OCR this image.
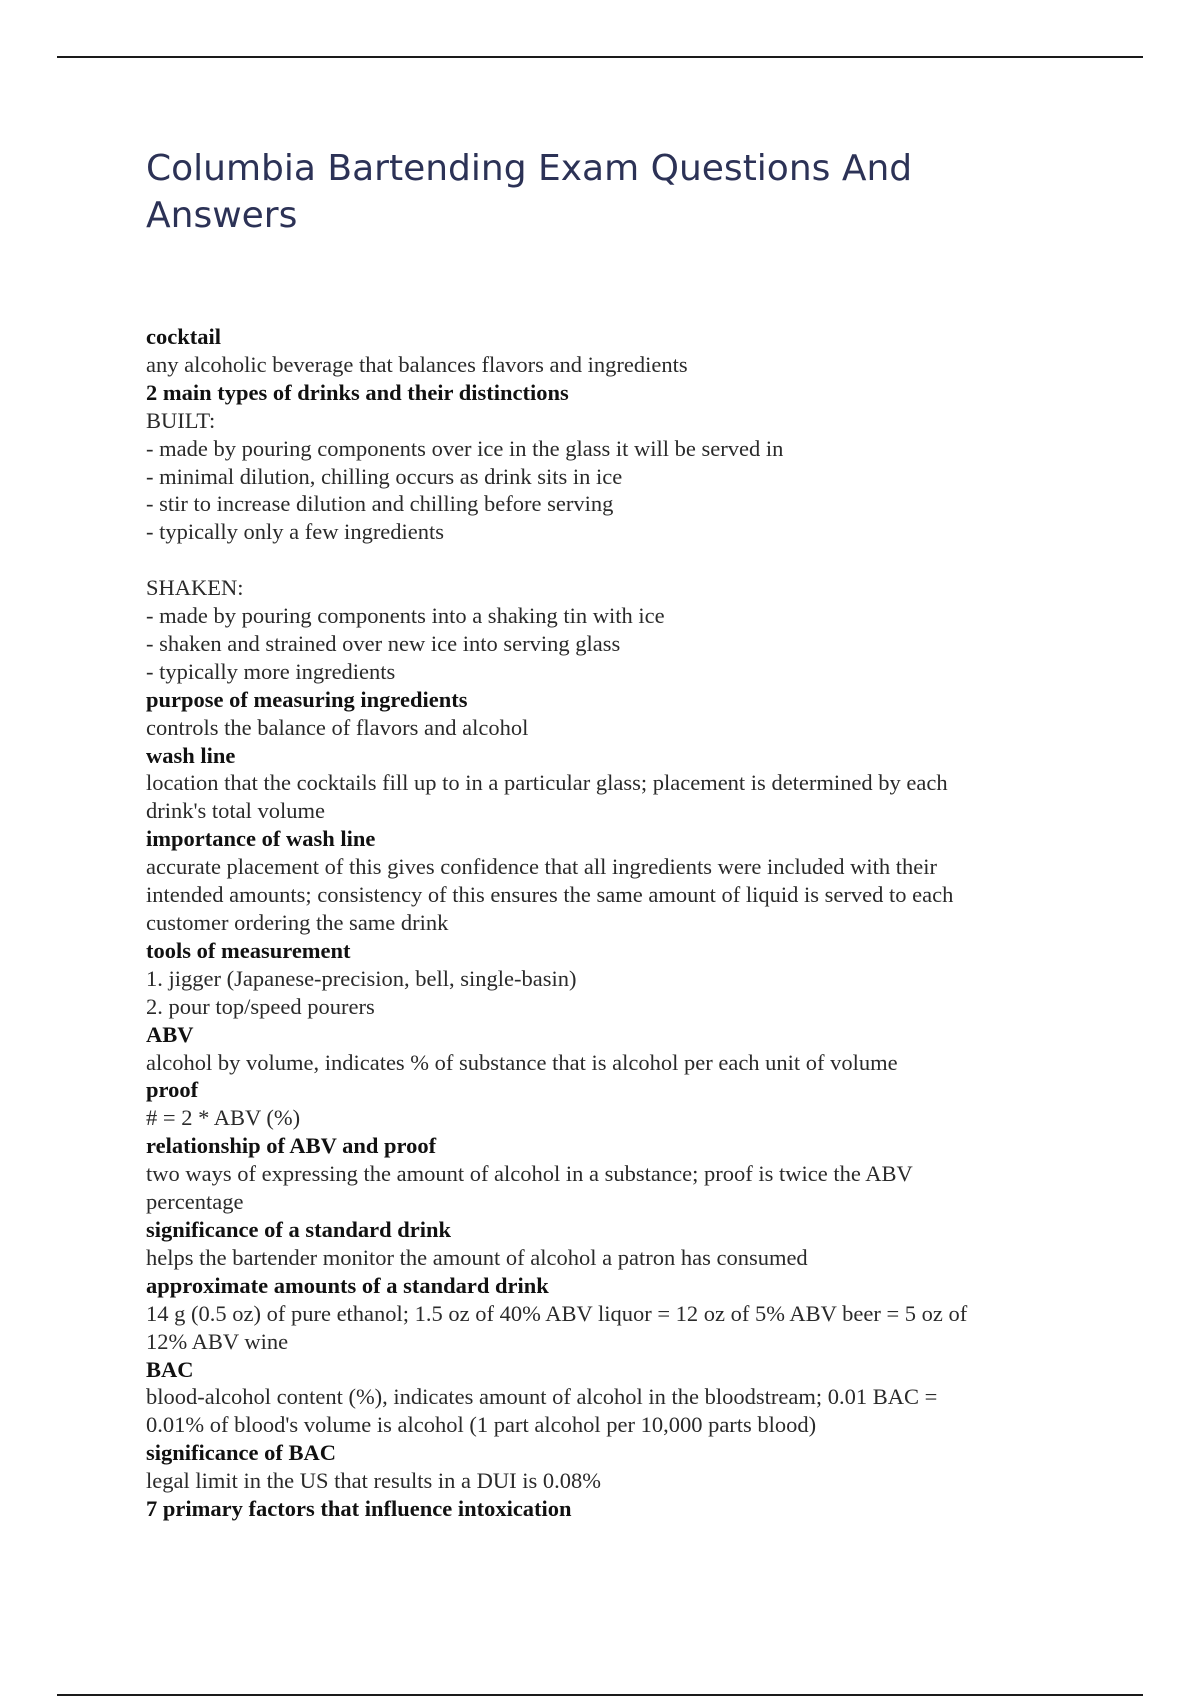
Columbia Bartending Exam Questions And Answers
cocktail
any alcoholic beverage that balances flavors and ingredients
2 main types of drinks and their distinctions
BUILT:
- made by pouring components over ice in the glass it will be served in
- minimal dilution, chilling occurs as drink sits in ice
- stir to increase dilution and chilling before serving
- typically only a few ingredients
SHAKEN:
- made by pouring components into a shaking tin with ice
- shaken and strained over new ice into serving glass
- typically more ingredients
purpose of measuring ingredients
controls the balance of flavors and alcohol
wash line
location that the cocktails fill up to in a particular glass; placement is determined by each
drink's total volume
importance of wash line
accurate placement of this gives confidence that all ingredients were included with their
intended amounts; consistency of this ensures the same amount of liquid is served to each
customer ordering the same drink
tools of measurement
1. jigger (Japanese-precision, bell, single-basin)
2. pour top/speed pourers
ABV
alcohol by volume, indicates % of substance that is alcohol per each unit of volume
proof
# = 2 * ABV (%)
relationship of ABV and proof
two ways of expressing the amount of alcohol in a substance; proof is twice the ABV
percentage
significance of a standard drink
helps the bartender monitor the amount of alcohol a patron has consumed
approximate amounts of a standard drink
14 g (0.5 oz) of pure ethanol; 1.5 oz of 40% ABV liquor = 12 oz of 5% ABV beer = 5 oz of
12% ABV wine
BAC
blood-alcohol content (%), indicates amount of alcohol in the bloodstream; 0.01 BAC =
0.01% of blood's volume is alcohol (1 part alcohol per 10,000 parts blood)
significance of BAC
legal limit in the US that results in a DUI is 0.08%
7 primary factors that influence intoxication
